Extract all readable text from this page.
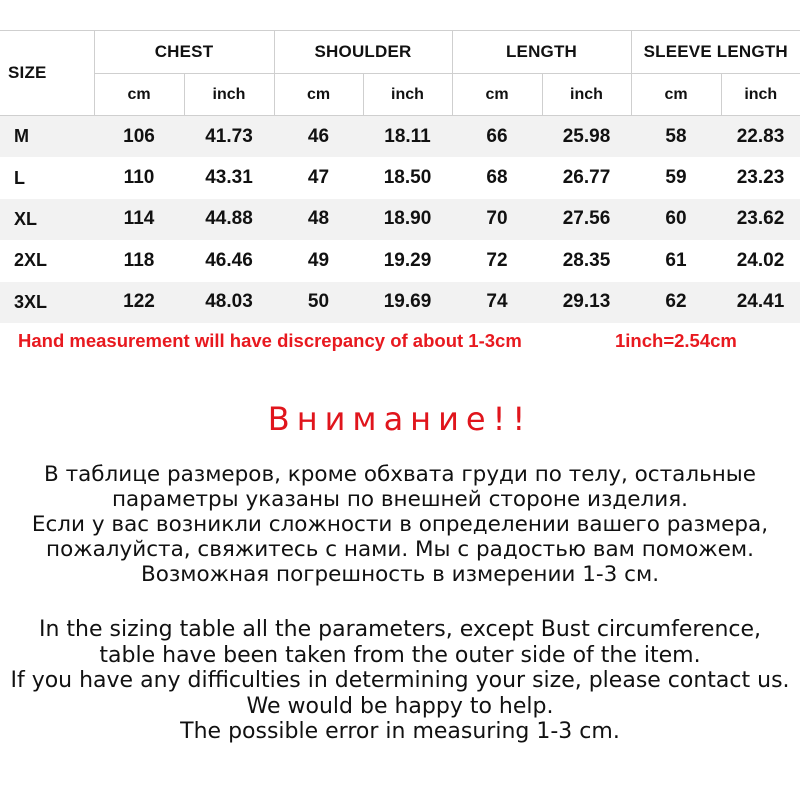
SIZE	CHEST		SHOULDER		LENGTH		SLEEVE LENGTH	
	cm	inch	cm	inch	cm	inch	cm	inch
M	106	41.73	46	18.11	66	25.98	58	22.83
L	110	43.31	47	18.50	68	26.77	59	23.23
XL	114	44.88	48	18.90	70	27.56	60	23.62
2XL	118	46.46	49	19.29	72	28.35	61	24.02
3XL	122	48.03	50	19.69	74	29.13	62	24.41
Hand measurement will have discrepancy of about 1-3cm	1inch=2.54cm
Внимание!!
В таблице размеров, кроме обхвата груди по телу, остальные
параметры указаны по внешней стороне изделия.
Если у вас возникли сложности в определении вашего размера,
пожалуйста, свяжитесь с нами. Мы с радостью вам поможем.
Возможная погрешность в измерении 1-3 см.
In the sizing table all the parameters, except Bust circumference,
table have been taken from the outer side of the item.
If you have any difficulties in determining your size, please contact us.
We would be happy to help.
The possible error in measuring 1-3 cm.
